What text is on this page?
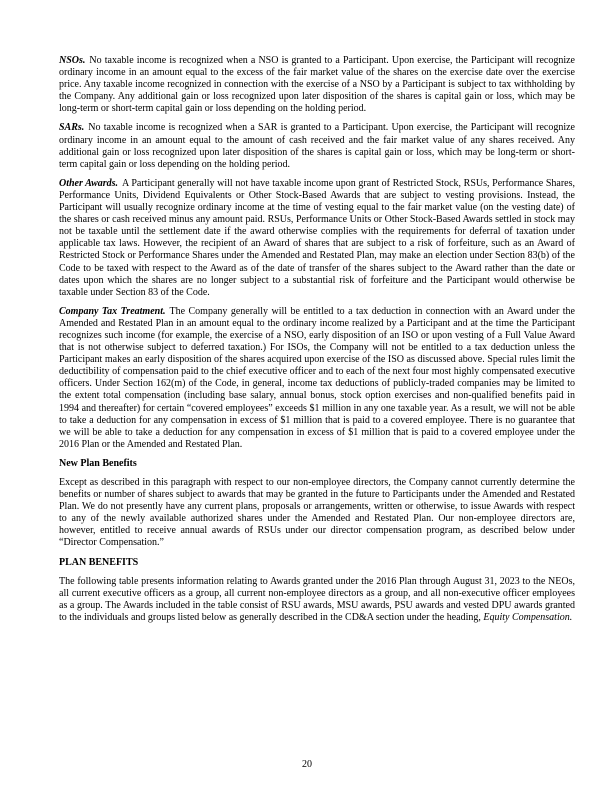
NSOs. No taxable income is recognized when a NSO is granted to a Participant. Upon exercise, the Participant will recognize ordinary income in an amount equal to the excess of the fair market value of the shares on the exercise date over the exercise price. Any taxable income recognized in connection with the exercise of a NSO by a Participant is subject to tax withholding by the Company. Any additional gain or loss recognized upon later disposition of the shares is capital gain or loss, which may be long-term or short-term capital gain or loss depending on the holding period.

SARs. No taxable income is recognized when a SAR is granted to a Participant. Upon exercise, the Participant will recognize ordinary income in an amount equal to the amount of cash received and the fair market value of any shares received. Any additional gain or loss recognized upon later disposition of the shares is capital gain or loss, which may be long-term or short-term capital gain or loss depending on the holding period.

Other Awards. A Participant generally will not have taxable income upon grant of Restricted Stock, RSUs, Performance Shares, Performance Units, Dividend Equivalents or Other Stock-Based Awards that are subject to vesting provisions. Instead, the Participant will usually recognize ordinary income at the time of vesting equal to the fair market value (on the vesting date) of the shares or cash received minus any amount paid. RSUs, Performance Units or Other Stock-Based Awards settled in stock may not be taxable until the settlement date if the award otherwise complies with the requirements for deferral of taxation under applicable tax laws. However, the recipient of an Award of shares that are subject to a risk of forfeiture, such as an Award of Restricted Stock or Performance Shares under the Amended and Restated Plan, may make an election under Section 83(b) of the Code to be taxed with respect to the Award as of the date of transfer of the shares subject to the Award rather than the date or dates upon which the shares are no longer subject to a substantial risk of forfeiture and the Participant would otherwise be taxable under Section 83 of the Code.

Company Tax Treatment. The Company generally will be entitled to a tax deduction in connection with an Award under the Amended and Restated Plan in an amount equal to the ordinary income realized by a Participant and at the time the Participant recognizes such income (for example, the exercise of a NSO, early disposition of an ISO or upon vesting of a Full Value Award that is not otherwise subject to deferred taxation.) For ISOs, the Company will not be entitled to a tax deduction unless the Participant makes an early disposition of the shares acquired upon exercise of the ISO as discussed above. Special rules limit the deductibility of compensation paid to the chief executive officer and to each of the next four most highly compensated executive officers. Under Section 162(m) of the Code, in general, income tax deductions of publicly-traded companies may be limited to the extent total compensation (including base salary, annual bonus, stock option exercises and non-qualified benefits paid in 1994 and thereafter) for certain “covered employees” exceeds $1 million in any one taxable year. As a result, we will not be able to take a deduction for any compensation in excess of $1 million that is paid to a covered employee. There is no guarantee that we will be able to take a deduction for any compensation in excess of $1 million that is paid to a covered employee under the 2016 Plan or the Amended and Restated Plan.

New Plan Benefits

Except as described in this paragraph with respect to our non-employee directors, the Company cannot currently determine the benefits or number of shares subject to awards that may be granted in the future to Participants under the Amended and Restated Plan. We do not presently have any current plans, proposals or arrangements, written or otherwise, to issue Awards with respect to any of the newly available authorized shares under the Amended and Restated Plan. Our non-employee directors are, however, entitled to receive annual awards of RSUs under our director compensation program, as described below under “Director Compensation.”

PLAN BENEFITS

The following table presents information relating to Awards granted under the 2016 Plan through August 31, 2023 to the NEOs, all current executive officers as a group, all current non-employee directors as a group, and all non-executive officer employees as a group. The Awards included in the table consist of RSU awards, MSU awards, PSU awards and vested DPU awards granted to the individuals and groups listed below as generally described in the CD&A section under the heading, Equity Compensation.

20
